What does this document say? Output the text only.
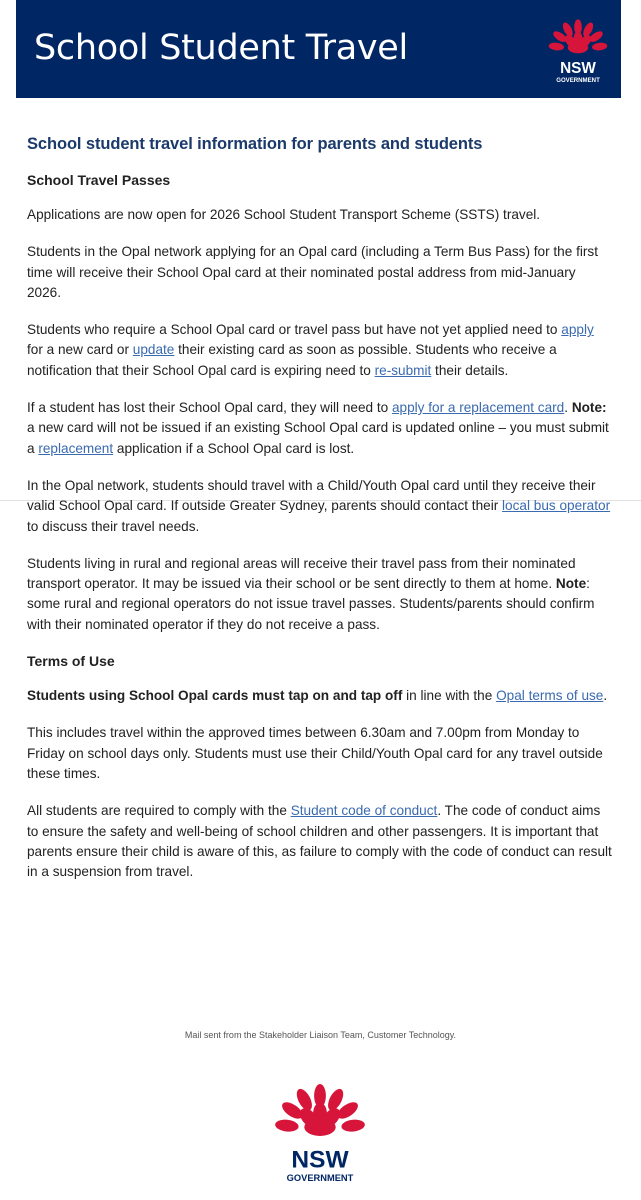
School Student Travel
NSW
GOVERNMENT
School student travel information for parents and students
School Travel Passes

Applications are now open for 2026 School Student Transport Scheme (SSTS) travel.

Students in the Opal network applying for an Opal card (including a Term Bus Pass) for the first time will receive their School Opal card at their nominated postal address from mid-January 2026.

Students who require a School Opal card or travel pass but have not yet applied need to apply for a new card or update their existing card as soon as possible. Students who receive a notification that their School Opal card is expiring need to re-submit their details.

If a student has lost their School Opal card, they will need to apply for a replacement card. Note: a new card will not be issued if an existing School Opal card is updated online – you must submit a replacement application if a School Opal card is lost.

In the Opal network, students should travel with a Child/Youth Opal card until they receive their valid School Opal card. If outside Greater Sydney, parents should contact their local bus operator to discuss their travel needs.

Students living in rural and regional areas will receive their travel pass from their nominated transport operator. It may be issued via their school or be sent directly to them at home. Note: some rural and regional operators do not issue travel passes. Students/parents should confirm with their nominated operator if they do not receive a pass.

Terms of Use

Students using School Opal cards must tap on and tap off in line with the Opal terms of use.

This includes travel within the approved times between 6.30am and 7.00pm from Monday to Friday on school days only. Students must use their Child/Youth Opal card for any travel outside these times.

All students are required to comply with the Student code of conduct. The code of conduct aims to ensure the safety and well-being of school children and other passengers. It is important that parents ensure their child is aware of this, as failure to comply with the code of conduct can result in a suspension from travel.

Mail sent from the Stakeholder Liaison Team, Customer Technology.
NSW
GOVERNMENT
